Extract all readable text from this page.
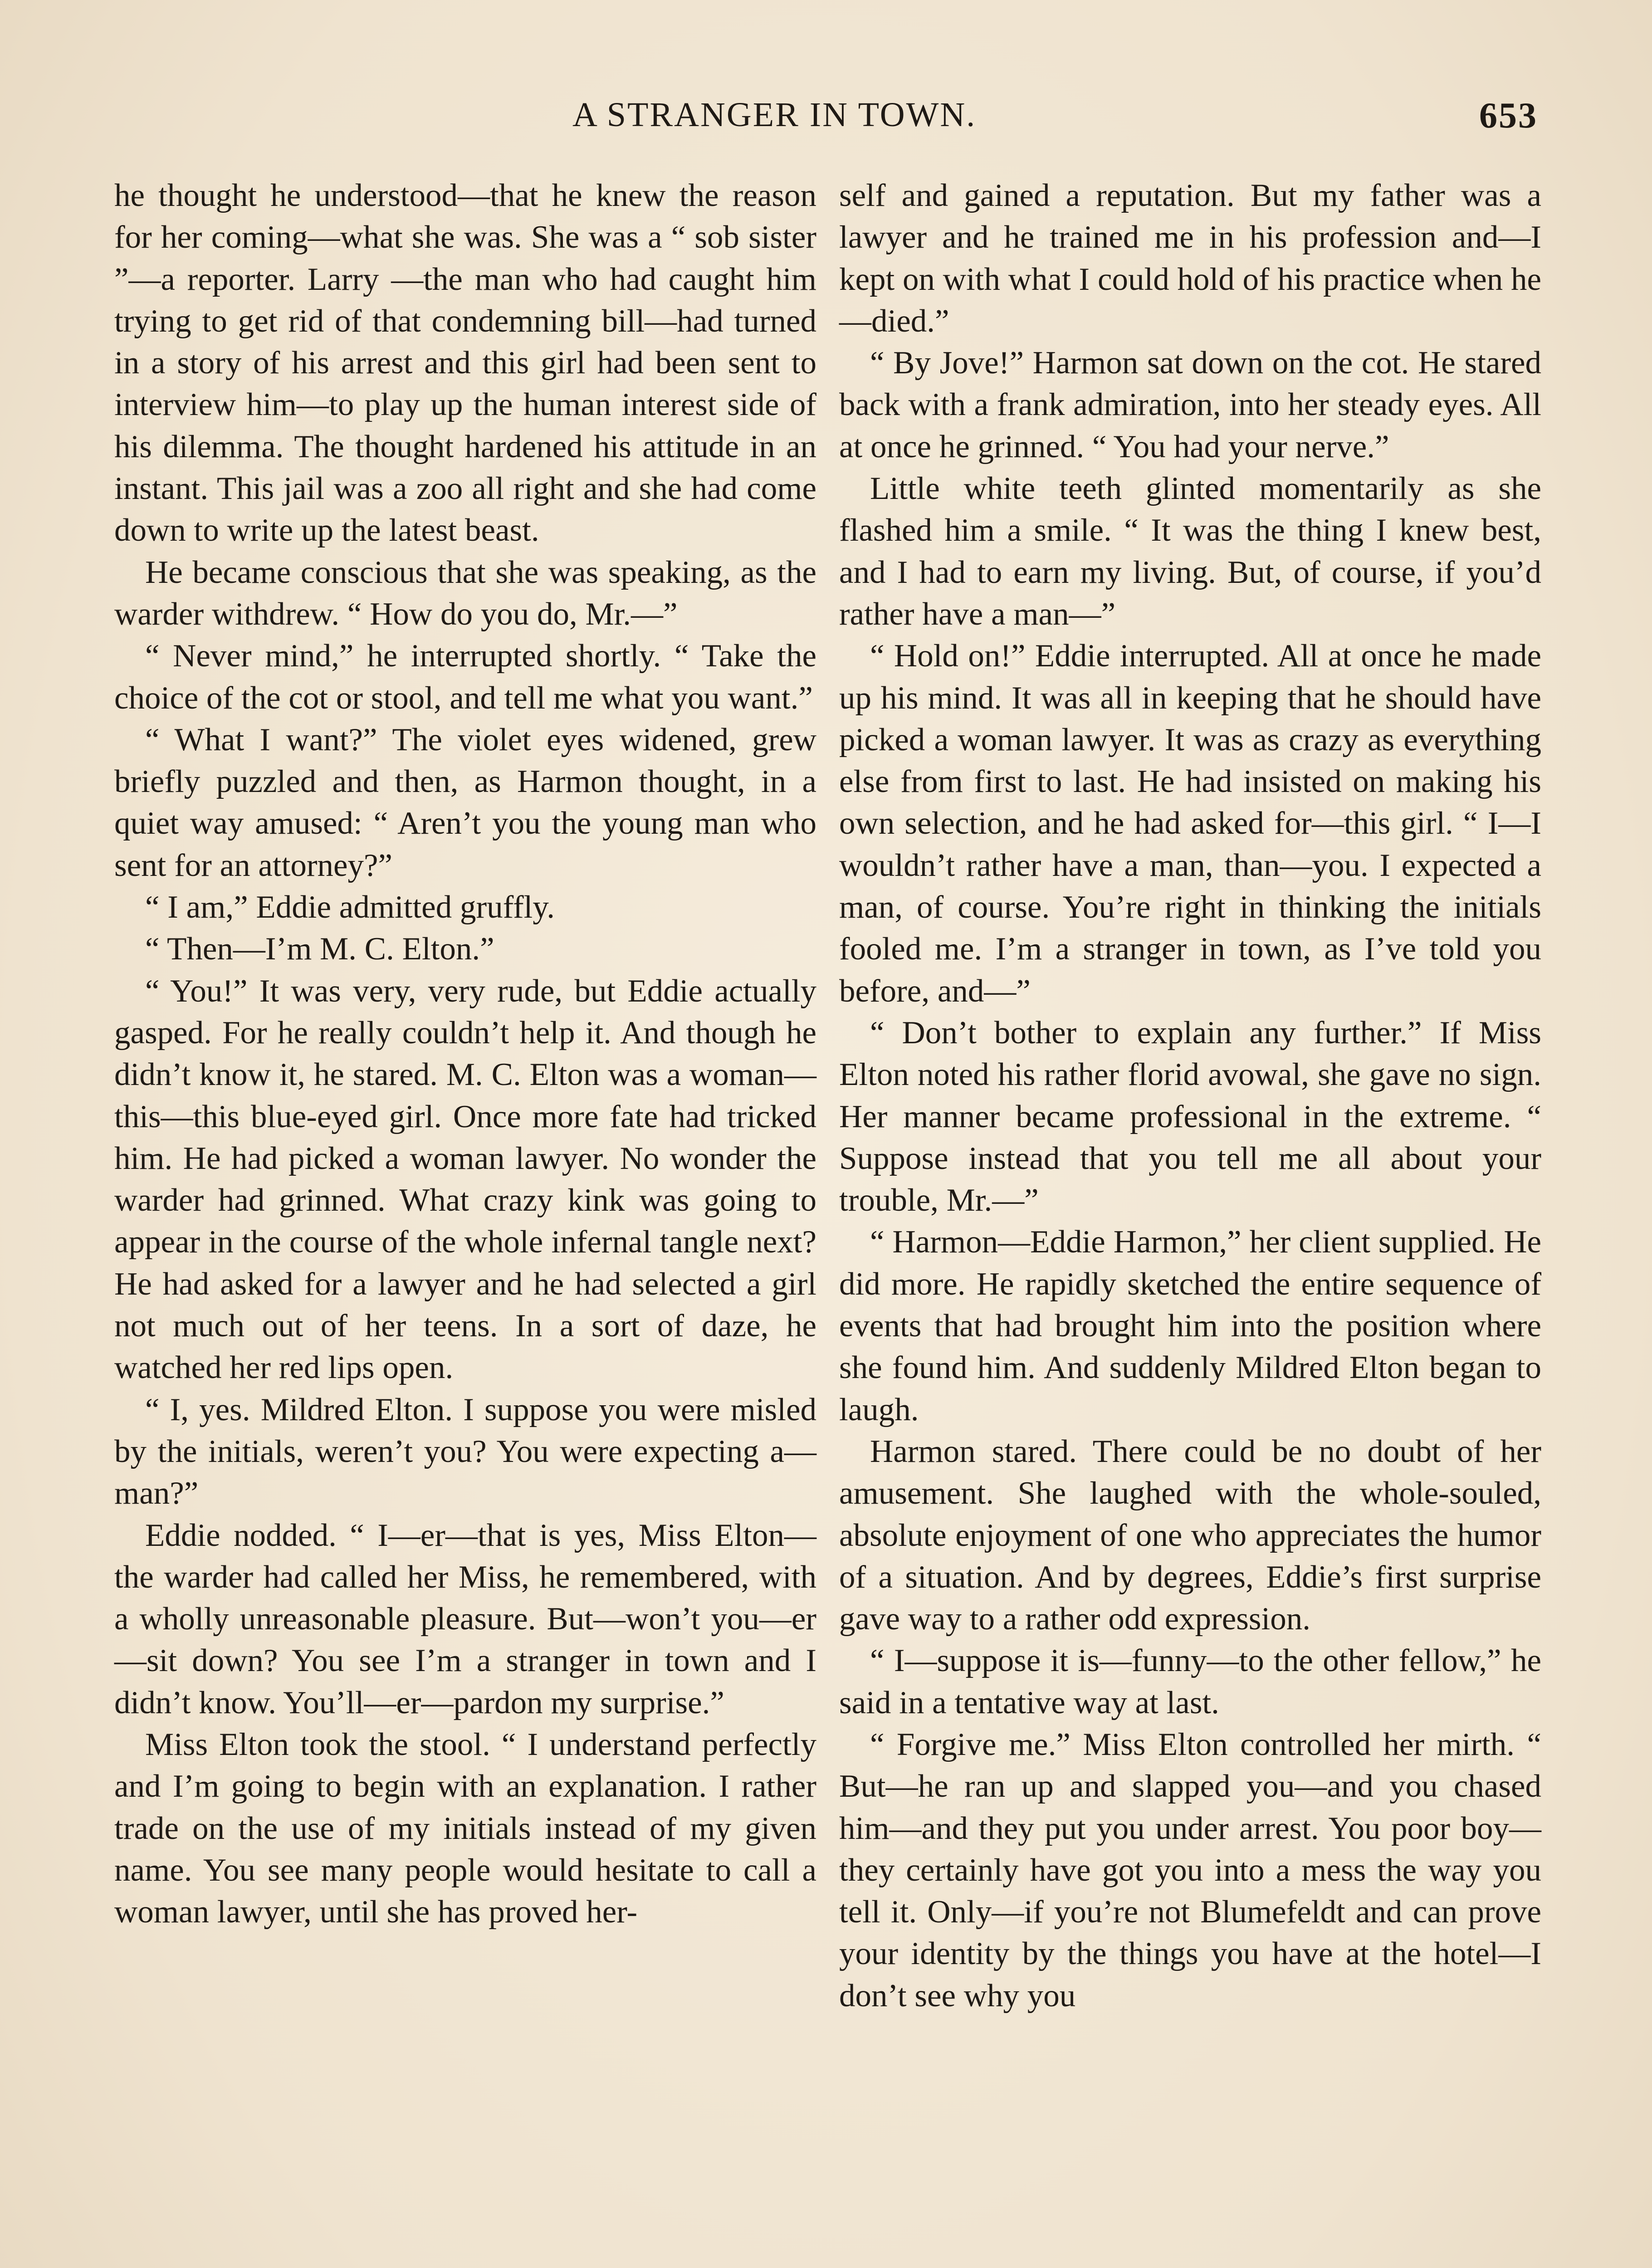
A STRANGER IN TOWN.	653

he thought he understood—that he knew the reason for her coming—what she was. She was a “ sob sister ”—a reporter. Larry —the man who had caught him trying to get rid of that condemning bill—had turned in a story of his arrest and this girl had been sent to interview him—to play up the human interest side of his dilemma. The thought hardened his attitude in an instant. This jail was a zoo all right and she had come down to write up the latest beast.

He became conscious that she was speaking, as the warder withdrew. “ How do you do, Mr.—”

“ Never mind,” he interrupted shortly. “ Take the choice of the cot or stool, and tell me what you want.”

“ What I want?” The violet eyes widened, grew briefly puzzled and then, as Harmon thought, in a quiet way amused: “ Aren’t you the young man who sent for an attorney?”

“ I am,” Eddie admitted gruffly.

“ Then—I’m M. C. Elton.”

“ You!” It was very, very rude, but Eddie actually gasped. For he really couldn’t help it. And though he didn’t know it, he stared. M. C. Elton was a woman—this—this blue-eyed girl. Once more fate had tricked him. He had picked a woman lawyer. No wonder the warder had grinned. What crazy kink was going to appear in the course of the whole infernal tangle next? He had asked for a lawyer and he had selected a girl not much out of her teens. In a sort of daze, he watched her red lips open.

“ I, yes. Mildred Elton. I suppose you were misled by the initials, weren’t you? You were expecting a—man?”

Eddie nodded. “ I—er—that is yes, Miss Elton—the warder had called her Miss, he remembered, with a wholly unreasonable pleasure. But—won’t you—er —sit down? You see I’m a stranger in town and I didn’t know. You’ll—er—pardon my surprise.”

Miss Elton took the stool. “ I understand perfectly and I’m going to begin with an explanation. I rather trade on the use of my initials instead of my given name. You see many people would hesitate to call a woman lawyer, until she has proved her-

self and gained a reputation. But my father was a lawyer and he trained me in his profession and—I kept on with what I could hold of his practice when he—died.”

“ By Jove!” Harmon sat down on the cot. He stared back with a frank admiration, into her steady eyes. All at once he grinned. “ You had your nerve.”

Little white teeth glinted momentarily as she flashed him a smile. “ It was the thing I knew best, and I had to earn my living. But, of course, if you’d rather have a man—”

“ Hold on!” Eddie interrupted. All at once he made up his mind. It was all in keeping that he should have picked a woman lawyer. It was as crazy as everything else from first to last. He had insisted on making his own selection, and he had asked for—this girl. “ I—I wouldn’t rather have a man, than—you. I expected a man, of course. You’re right in thinking the initials fooled me. I’m a stranger in town, as I’ve told you before, and—”

“ Don’t bother to explain any further.” If Miss Elton noted his rather florid avowal, she gave no sign. Her manner became professional in the extreme. “ Suppose instead that you tell me all about your trouble, Mr.—”

“ Harmon—Eddie Harmon,” her client supplied. He did more. He rapidly sketched the entire sequence of events that had brought him into the position where she found him. And suddenly Mildred Elton began to laugh.

Harmon stared. There could be no doubt of her amusement. She laughed with the whole-souled, absolute enjoyment of one who appreciates the humor of a situation. And by degrees, Eddie’s first surprise gave way to a rather odd expression.

“ I—suppose it is—funny—to the other fellow,” he said in a tentative way at last.

“ Forgive me.” Miss Elton controlled her mirth. “ But—he ran up and slapped you—and you chased him—and they put you under arrest. You poor boy—they certainly have got you into a mess the way you tell it. Only—if you’re not Blumefeldt and can prove your identity by the things you have at the hotel—I don’t see why you
